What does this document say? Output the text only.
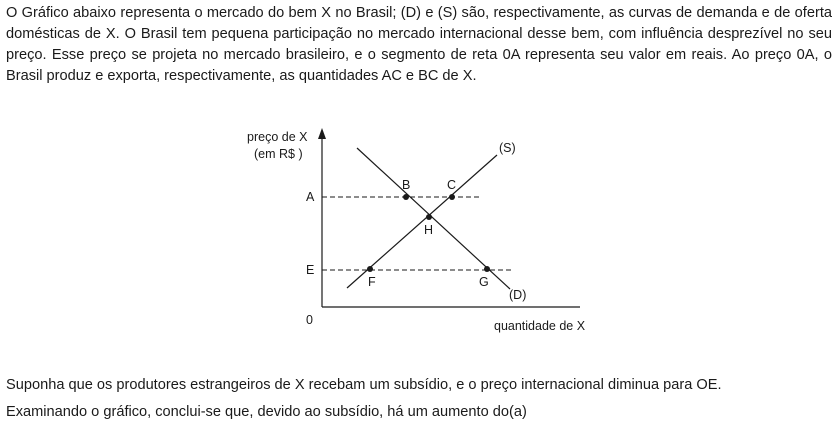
O Gráfico abaixo representa o mercado do bem X no Brasil; (D) e (S) são, respectivamente, as curvas de demanda e de oferta domésticas de X. O Brasil tem pequena participação no mercado internacional desse bem, com influência desprezível no seu preço. Esse preço se projeta no mercado brasileiro, e o segmento de reta 0A representa seu valor em reais. Ao preço 0A, o Brasil produz e exporta, respectivamente, as quantidades AC e BC de X.

preço de X
(em R$ )
quantidade de X
0
A
E
(S)
(D)
B	C
H
F	G

Suponha que os produtores estrangeiros de X recebam um subsídio, e o preço internacional diminua para OE.

Examinando o gráfico, conclui-se que, devido ao subsídio, há um aumento do(a)
